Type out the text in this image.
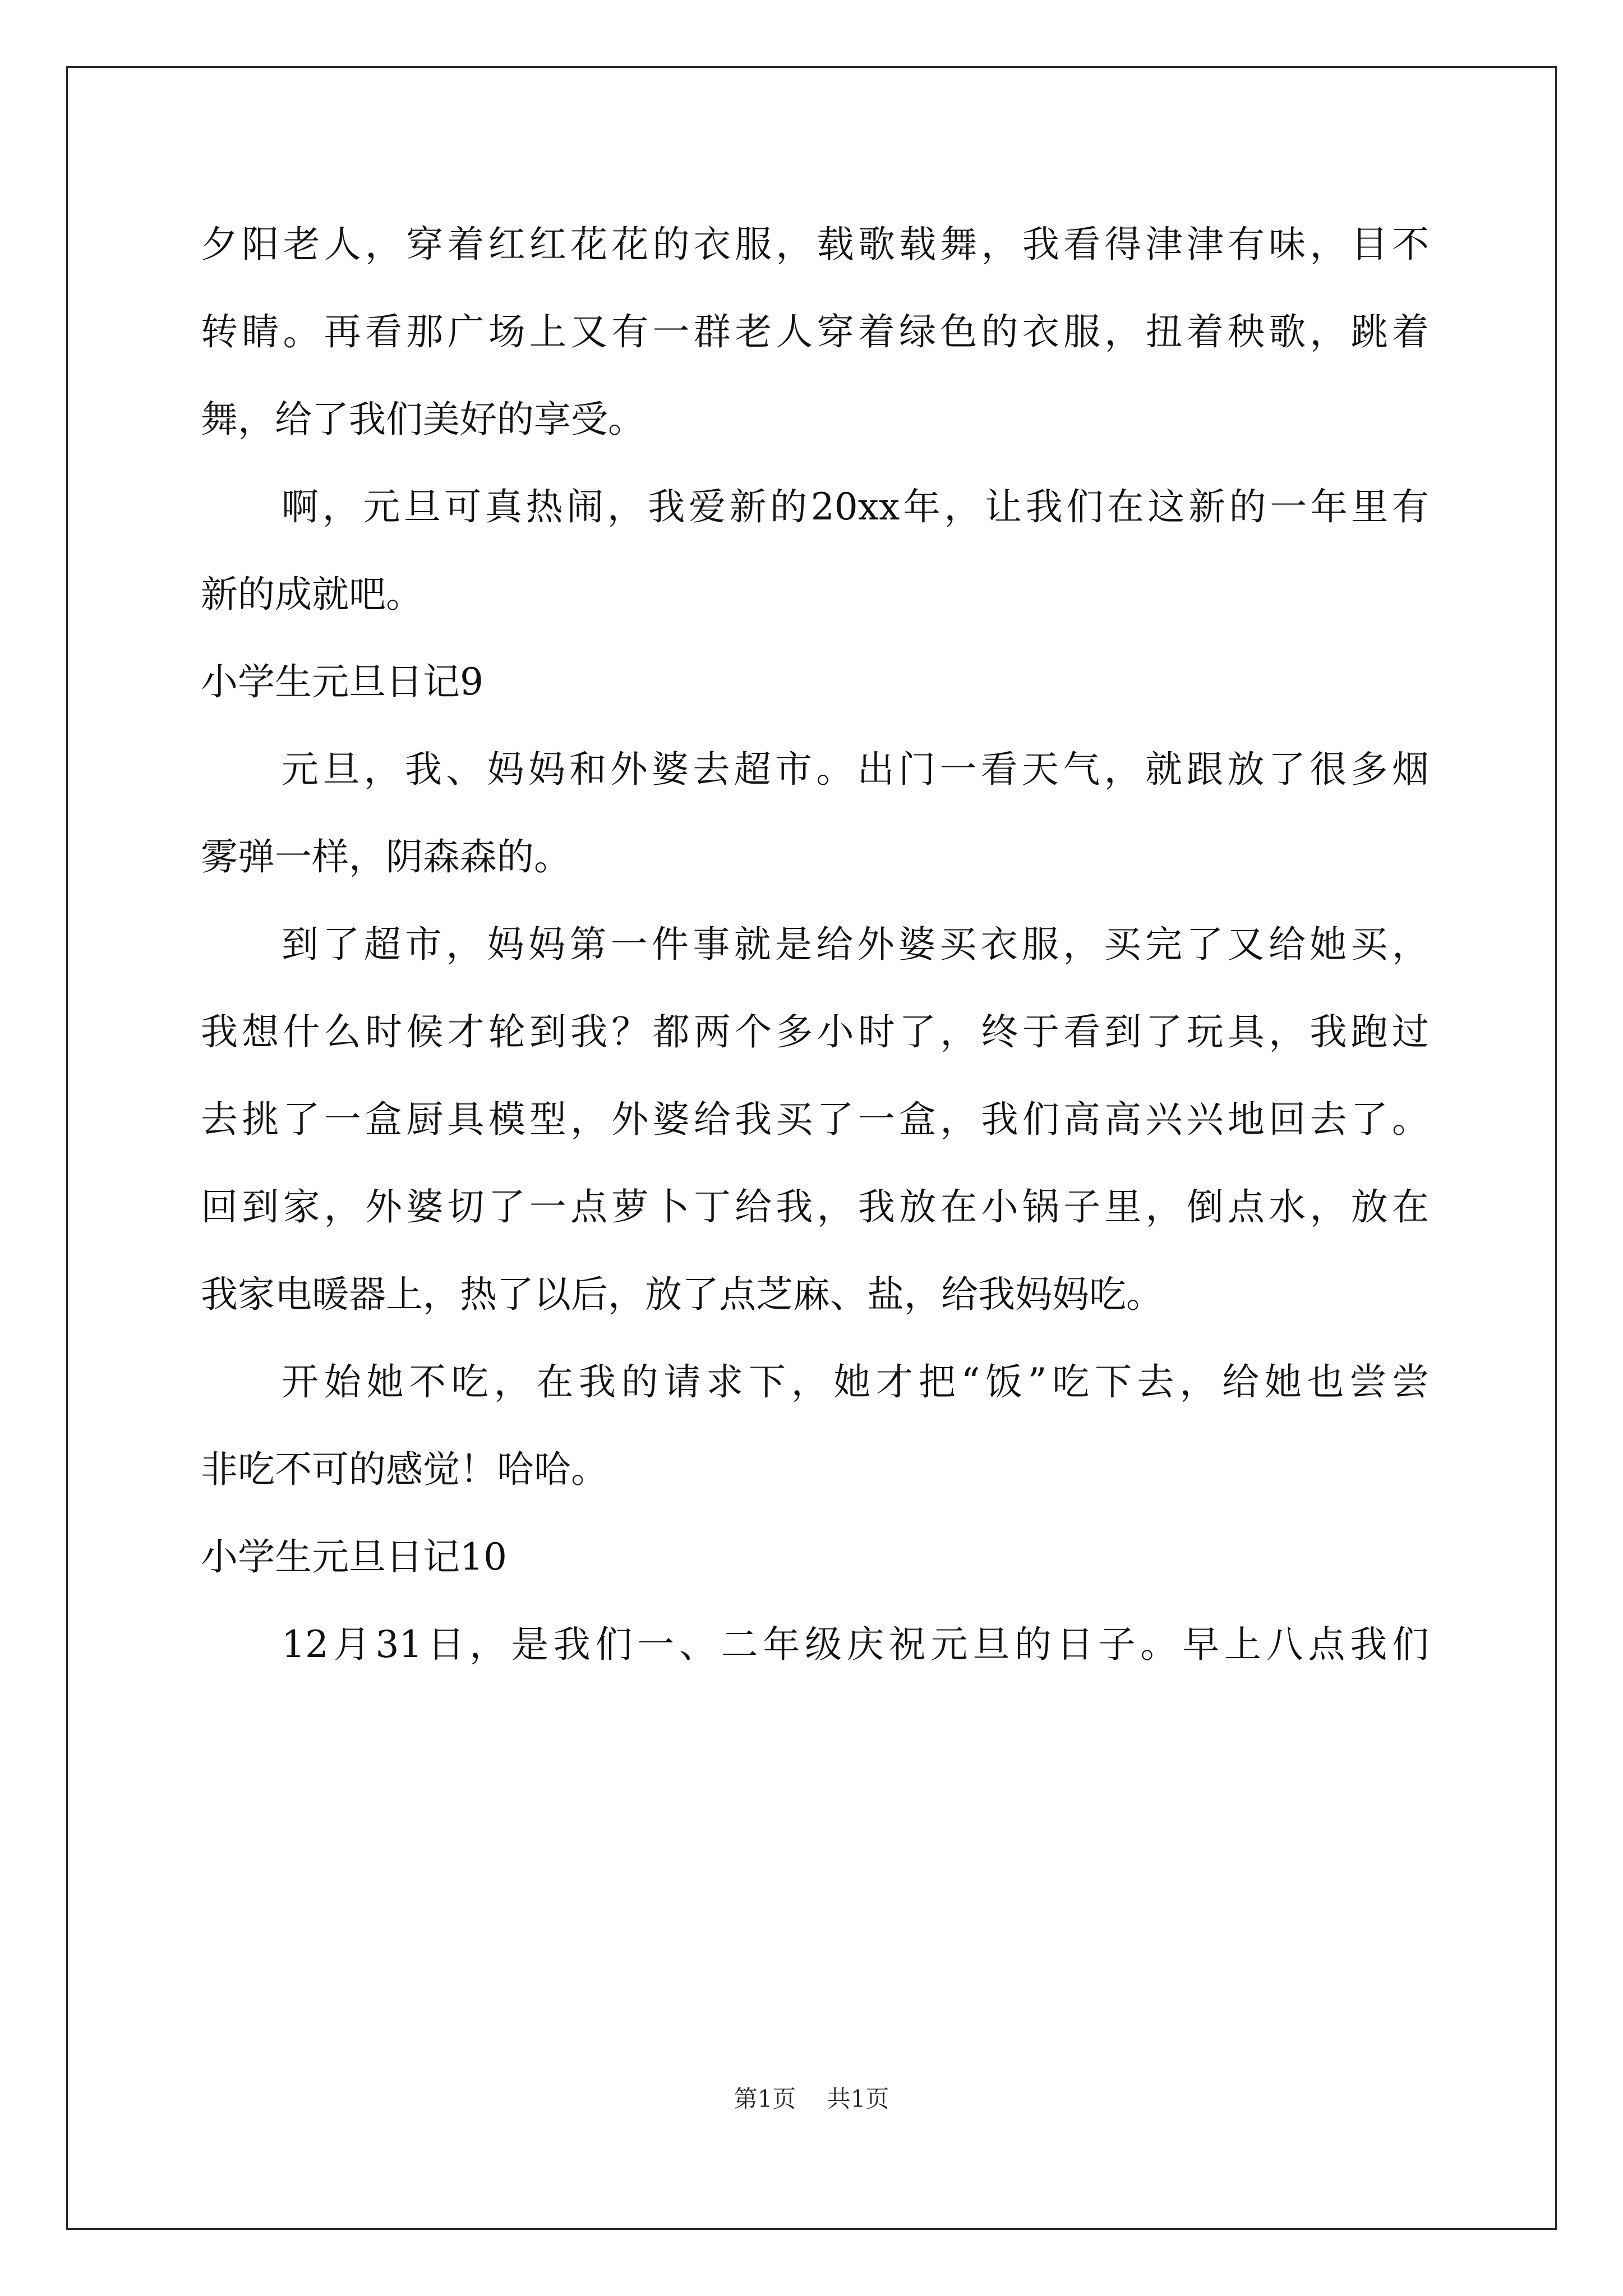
夕阳老人，穿着红红花花的衣服，载歌载舞，我看得津津有味，目不
转睛。再看那广场上又有一群老人穿着绿色的衣服，扭着秧歌，跳着
舞，给了我们美好的享受。
啊，元旦可真热闹，我爱新的20xx年，让我们在这新的一年里有
新的成就吧。
小学生元旦日记9
元旦，我、妈妈和外婆去超市。出门一看天气，就跟放了很多烟
雾弹一样，阴森森的。
到了超市，妈妈第一件事就是给外婆买衣服，买完了又给她买，
我想什么时候才轮到我？都两个多小时了，终于看到了玩具，我跑过
去挑了一盒厨具模型，外婆给我买了一盒，我们高高兴兴地回去了。
回到家，外婆切了一点萝卜丁给我，我放在小锅子里，倒点水，放在
我家电暖器上，热了以后，放了点芝麻、盐，给我妈妈吃。
开始她不吃，在我的请求下，她才把“饭”吃下去，给她也尝尝
非吃不可的感觉！哈哈。
小学生元旦日记10
12月31日，是我们一、二年级庆祝元旦的日子。早上八点我们
第1页 共1页
